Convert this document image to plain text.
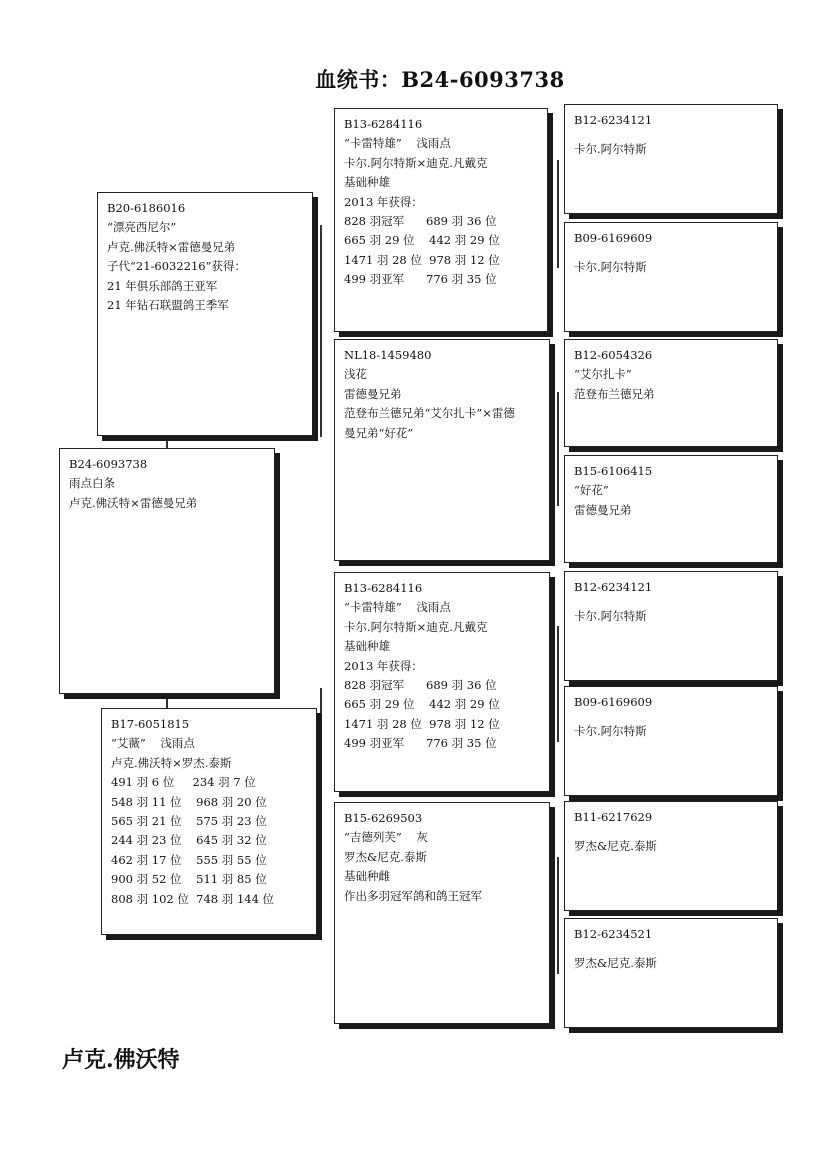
血统书：B24-6093738
B20-6186016
“漂亮西尼尔”
卢克.佛沃特×雷德曼兄弟
子代“21-6032216”获得：
21 年俱乐部鸽王亚军
21 年钻石联盟鸽王季军
B24-6093738
雨点白条
卢克.佛沃特×雷德曼兄弟
B17-6051815
“艾薇”    浅雨点
卢克.佛沃特×罗杰.泰斯
491 羽 6 位     234 羽 7 位
548 羽 11 位    968 羽 20 位
565 羽 21 位    575 羽 23 位
244 羽 23 位    645 羽 32 位
462 羽 17 位    555 羽 55 位
900 羽 52 位    511 羽 85 位
808 羽 102 位  748 羽 144 位
B13-6284116
“卡雷特雄”    浅雨点
卡尔.阿尔特斯×迪克.凡戴克
基础种雄
2013 年获得：
828 羽冠军      689 羽 36 位
665 羽 29 位    442 羽 29 位
1471 羽 28 位  978 羽 12 位
499 羽亚军      776 羽 35 位
NL18-1459480
浅花
雷德曼兄弟
范登布兰德兄弟“艾尔扎卡”×雷德
曼兄弟“好花”
B13-6284116
“卡雷特雄”    浅雨点
卡尔.阿尔特斯×迪克.凡戴克
基础种雄
2013 年获得：
828 羽冠军      689 羽 36 位
665 羽 29 位    442 羽 29 位
1471 羽 28 位  978 羽 12 位
499 羽亚军      776 羽 35 位
B15-6269503
“吉德列芙”    灰
罗杰&尼克.泰斯
基础种雌
作出多羽冠军鸽和鸽王冠军
B12-6234121
卡尔.阿尔特斯
B09-6169609
卡尔.阿尔特斯
B12-6054326
“艾尔扎卡”
范登布兰德兄弟
B15-6106415
“好花”
雷德曼兄弟
B12-6234121
卡尔.阿尔特斯
B09-6169609
卡尔.阿尔特斯
B11-6217629
罗杰&尼克.泰斯
B12-6234521
罗杰&尼克.泰斯
卢克.佛沃特
